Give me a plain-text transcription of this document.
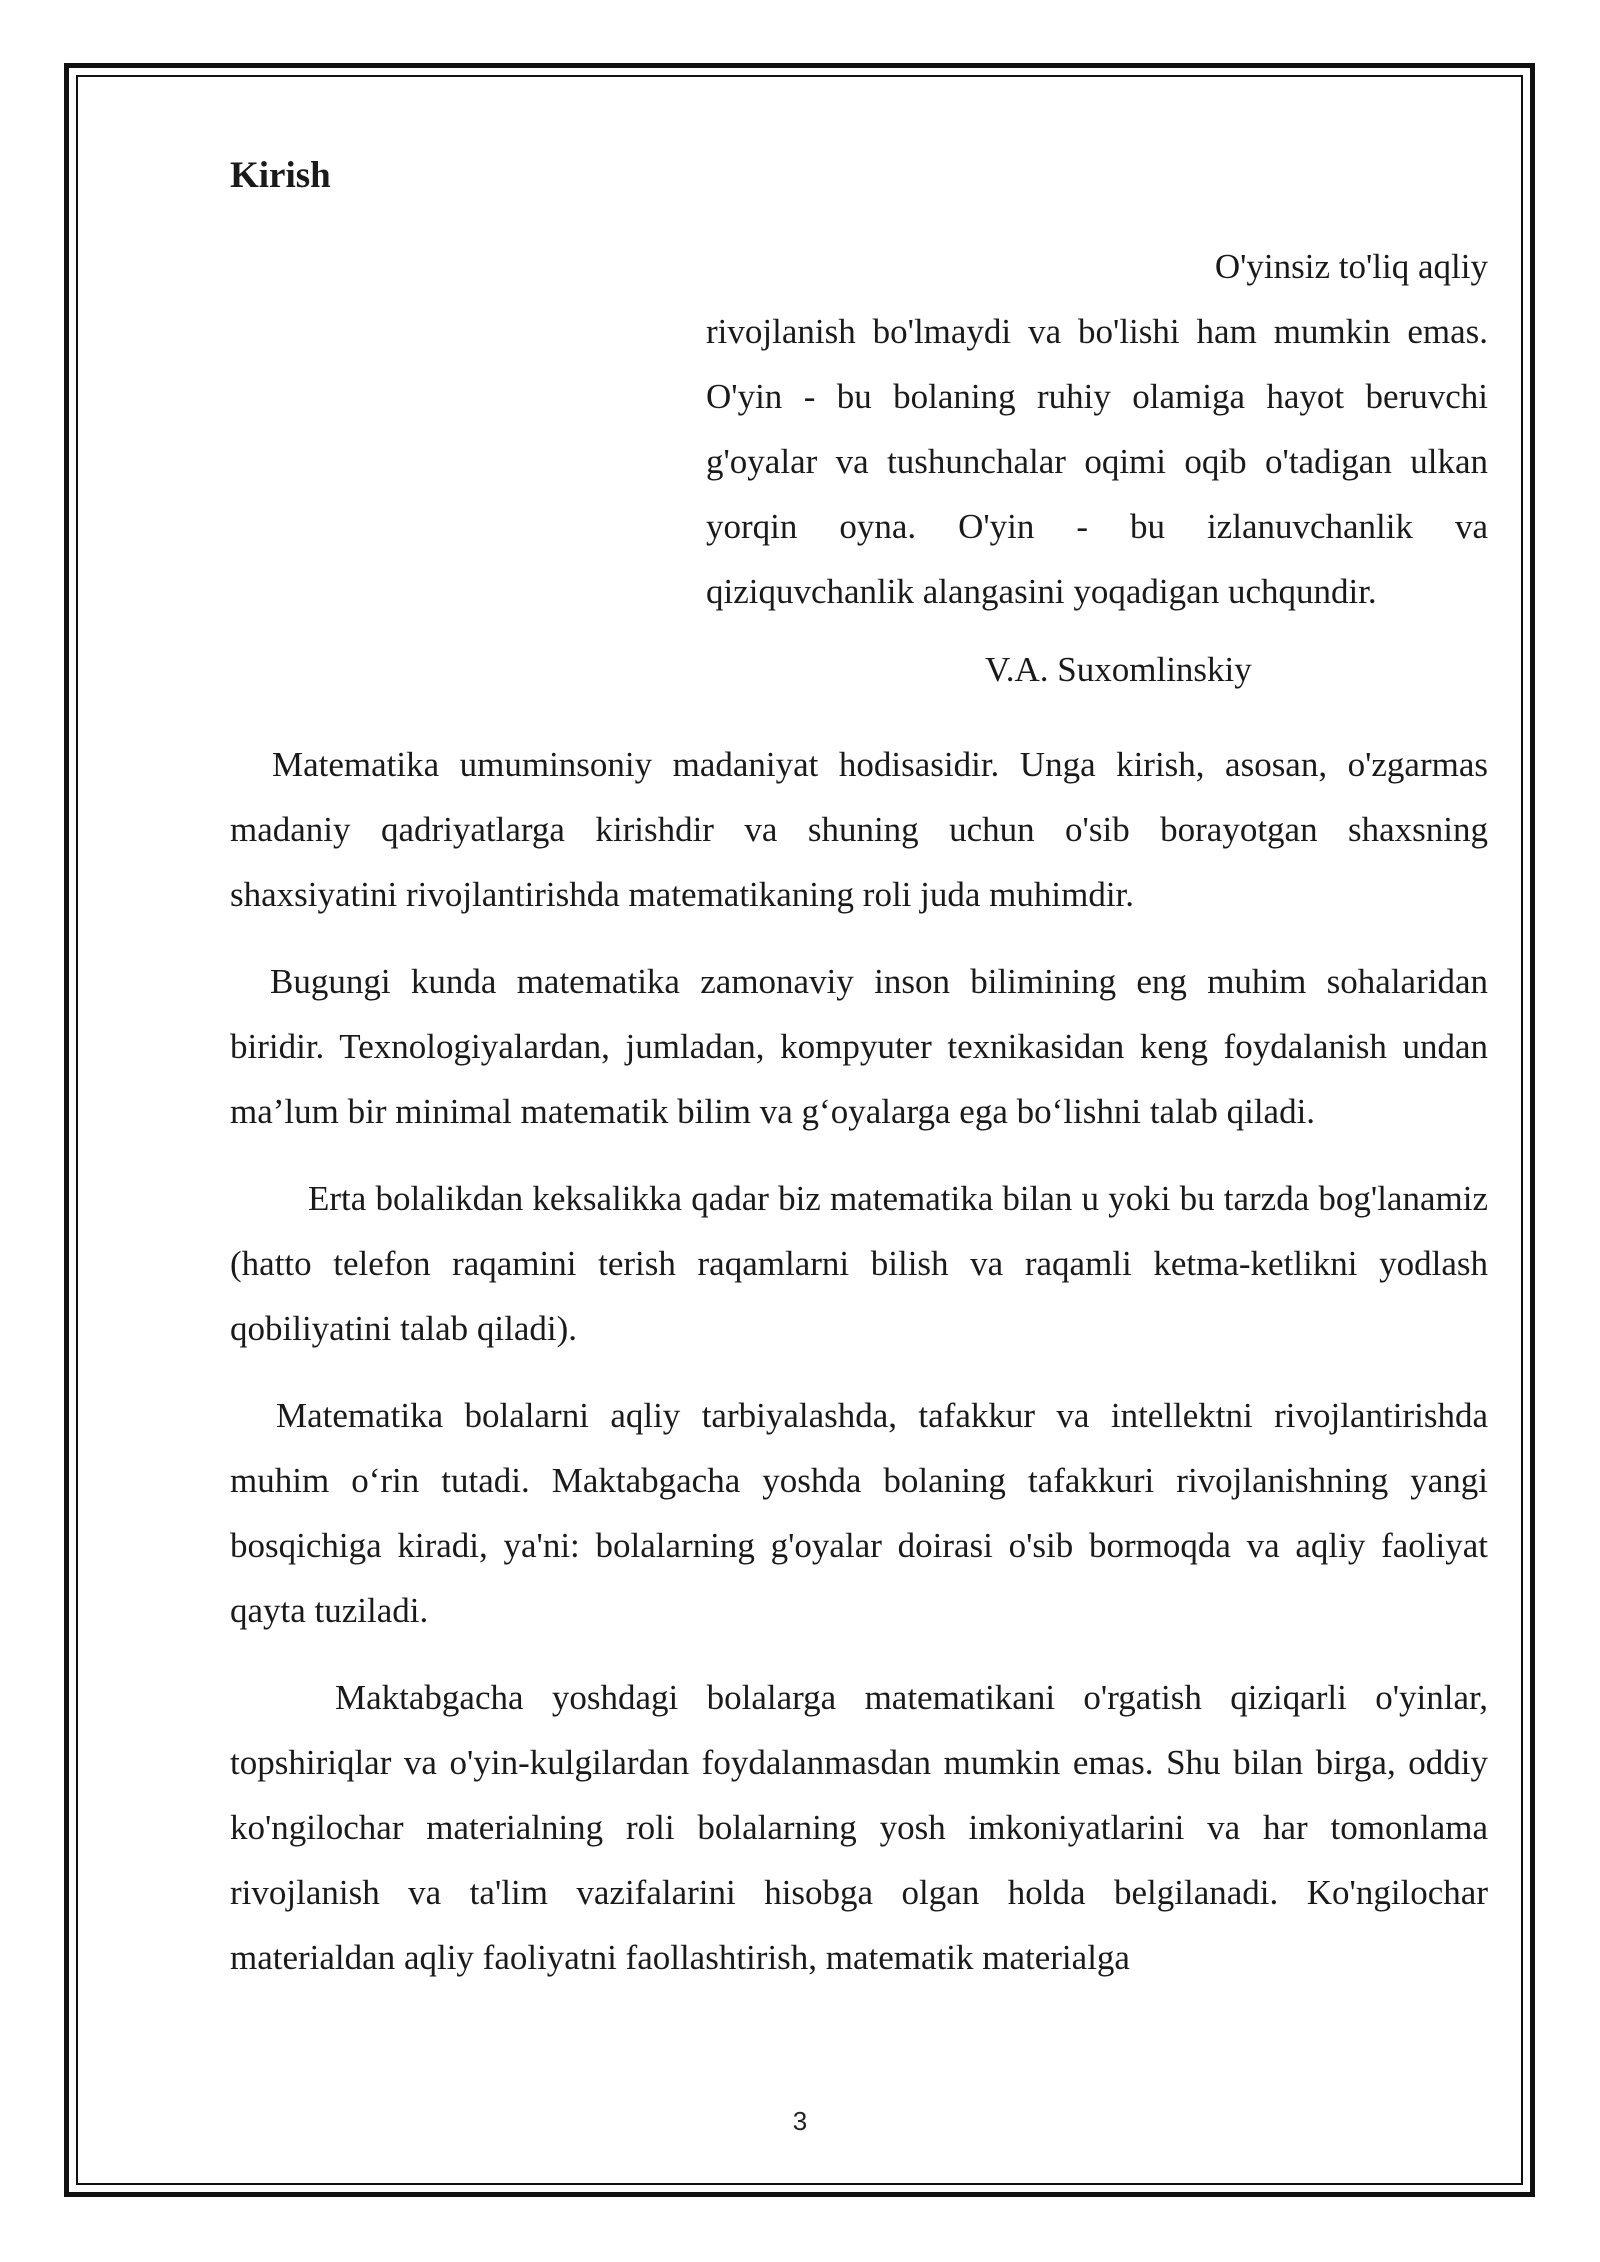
Kirish
O'yinsiz to'liq aqliy
rivojlanish bo'lmaydi va bo'lishi ham mumkin emas. O'yin - bu bolaning ruhiy olamiga hayot beruvchi g'oyalar va tushunchalar oqimi oqib o'tadigan ulkan yorqin oyna. O'yin - bu izlanuvchanlik va qiziquvchanlik alangasini yoqadigan uchqundir.
V.A. Suxomlinskiy

Matematika umuminsoniy madaniyat hodisasidir. Unga kirish, asosan, o'zgarmas madaniy qadriyatlarga kirishdir va shuning uchun o'sib borayotgan shaxsning shaxsiyatini rivojlantirishda matematikaning roli juda muhimdir.

Bugungi kunda matematika zamonaviy inson bilimining eng muhim sohalaridan biridir. Texnologiyalardan, jumladan, kompyuter texnikasidan keng foydalanish undan ma’lum bir minimal matematik bilim va g‘oyalarga ega bo‘lishni talab qiladi.

Erta bolalikdan keksalikka qadar biz matematika bilan u yoki bu tarzda bog'lanamiz (hatto telefon raqamini terish raqamlarni bilish va raqamli ketma-ketlikni yodlash qobiliyatini talab qiladi).

Matematika bolalarni aqliy tarbiyalashda, tafakkur va intellektni rivojlantirishda muhim o‘rin tutadi. Maktabgacha yoshda bolaning tafakkuri rivojlanishning yangi bosqichiga kiradi, ya'ni: bolalarning g'oyalar doirasi o'sib bormoqda va aqliy faoliyat qayta tuziladi.

Maktabgacha yoshdagi bolalarga matematikani o'rgatish qiziqarli o'yinlar, topshiriqlar va o'yin-kulgilardan foydalanmasdan mumkin emas. Shu bilan birga, oddiy ko'ngilochar materialning roli bolalarning yosh imkoniyatlarini va har tomonlama rivojlanish va ta'lim vazifalarini hisobga olgan holda belgilanadi. Ko'ngilochar materialdan aqliy faoliyatni faollashtirish, matematik materialga

3
